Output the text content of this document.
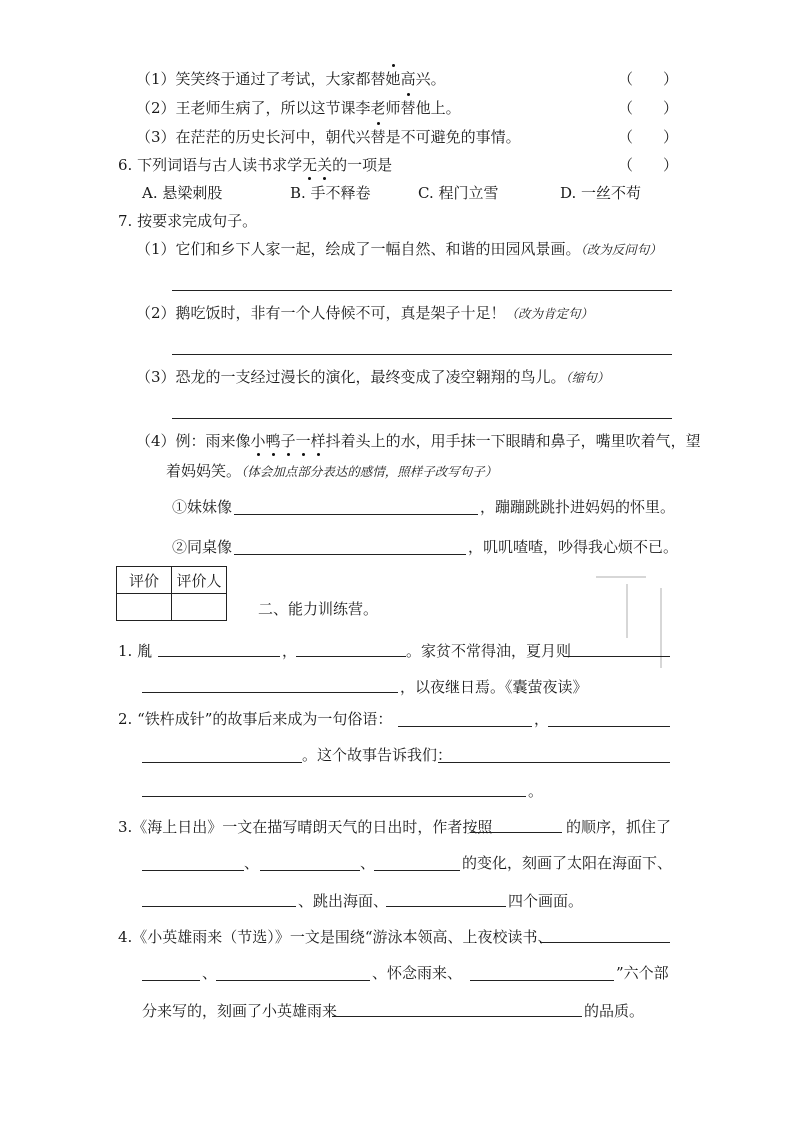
（1）笑笑终于通过了考试，大家都替她高兴。	（　　）
（2）王老师生病了，所以这节课李老师替他上。	（　　）
（3）在茫茫的历史长河中，朝代兴替是不可避免的事情。	（　　）
6. 下列词语与古人读书求学无关的一项是	（　　）
A. 悬梁刺股	B. 手不释卷	C. 程门立雪	D. 一丝不苟
7. 按要求完成句子。
（1）它们和乡下人家一起，绘成了一幅自然、和谐的田园风景画。（改为反问句）
（2）鹅吃饭时，非有一个人侍候不可，真是架子十足！（改为肯定句）
（3）恐龙的一支经过漫长的演化，最终变成了凌空翱翔的鸟儿。（缩句）
（4）例：雨来像小鸭子一样抖着头上的水，用手抹一下眼睛和鼻子，嘴里吹着气，望
着妈妈笑。（体会加点部分表达的感情，照样子改写句子）
①妹妹像	，蹦蹦跳跳扑进妈妈的怀里。
②同桌像	，叽叽喳喳，吵得我心烦不已。
评价	评价人

二、能力训练营。
1. 胤	，	。家贫不常得油，夏月则
，以夜继日焉。《囊萤夜读》
2. “铁杵成针”的故事后来成为一句俗语：	，
。这个故事告诉我们：
。
3.《海上日出》一文在描写晴朗天气的日出时，作者按照	的顺序，抓住了
、	、	的变化，刻画了太阳在海面下、
、跳出海面、	四个画面。
4.《小英雄雨来（节选）》一文是围绕“游泳本领高、上夜校读书、
、	、怀念雨来、	”六个部
分来写的，刻画了小英雄雨来	的品质。
